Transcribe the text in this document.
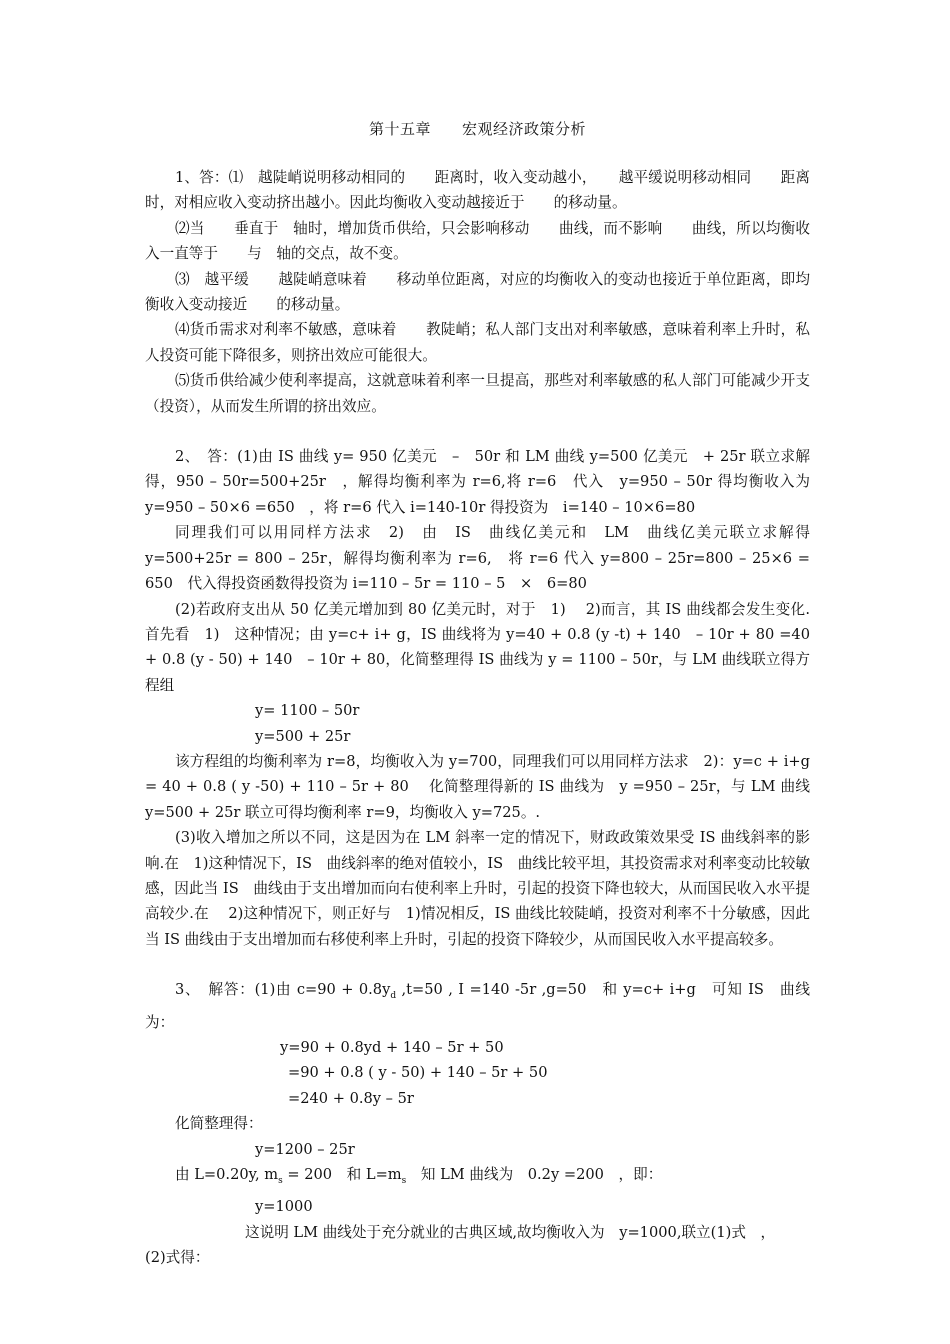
第十五章　　宏观经济政策分析

1、答：⑴　越陡峭说明移动相同的　　距离时，收入变动越小，　　越平缓说明移动相同　　距离时，对相应收入变动挤出越小。因此均衡收入变动越接近于　　的移动量。

⑵当　　垂直于　轴时，增加货币供给，只会影响移动　　曲线，而不影响　　曲线，所以均衡收入一直等于　　与　轴的交点，故不变。

⑶　越平缓　　越陡峭意味着　　移动单位距离，对应的均衡收入的变动也接近于单位距离，即均衡收入变动接近　　的移动量。

⑷货币需求对利率不敏感，意味着　　教陡峭；私人部门支出对利率敏感，意味着利率上升时，私人投资可能下降很多，则挤出效应可能很大。

⑸货币供给减少使利率提高，这就意味着利率一旦提高，那些对利率敏感的私人部门可能减少开支（投资），从而发生所谓的挤出效应。

2、　答：(1)由 IS 曲线 y= 950 亿美元　–　50r 和 LM 曲线 y=500 亿美元　+ 25r 联立求解得，950 – 50r=500+25r　，解得均衡利率为 r=6,将 r=6　代入　y=950 – 50r 得均衡收入为　y=950 – 50×6 =650　，将 r=6 代入 i=140-10r 得投资为　i=140 – 10×6=80

同理我们可以用同样方法求　2)　由　IS　曲线亿美元和　LM　曲线亿美元联立求解得 y=500+25r = 800 – 25r，解得均衡利率为 r=6,　将 r=6 代入 y=800 – 25r=800 – 25×6 = 650　代入得投资函数得投资为 i=110 – 5r = 110 – 5　×　6=80

(2)若政府支出从 50 亿美元增加到 80 亿美元时，对于　1)　 2)而言，其 IS 曲线都会发生变化.首先看　1)　这种情况；由 y=c+ i+ g，IS 曲线将为 y=40 + 0.8 (y -t) + 140　– 10r + 80 =40 + 0.8 (y - 50) + 140　– 10r + 80，化简整理得 IS 曲线为 y = 1100 – 50r，与 LM 曲线联立得方程组

y= 1100 – 50r

y=500 + 25r

该方程组的均衡利率为 r=8，均衡收入为 y=700，同理我们可以用同样方法求　2)：y=c + i+g = 40 + 0.8 ( y -50) + 110 – 5r + 80　 化简整理得新的 IS 曲线为　y =950 – 25r，与 LM 曲线 y=500 + 25r 联立可得均衡利率 r=9，均衡收入 y=725。.

(3)收入增加之所以不同，这是因为在 LM 斜率一定的情况下，财政政策效果受 IS 曲线斜率的影响.在　1)这种情况下，IS　曲线斜率的绝对值较小，IS　曲线比较平坦，其投资需求对利率变动比较敏感，因此当 IS　曲线由于支出增加而向右使利率上升时，引起的投资下降也较大，从而国民收入水平提高较少.在　 2)这种情况下，则正好与　1)情况相反，IS 曲线比较陡峭，投资对利率不十分敏感，因此当 IS 曲线由于支出增加而右移使利率上升时，引起的投资下降较少，从而国民收入水平提高较多。

3、　解答：(1)由 $c=90 + 0.8y_d$ ,t=50 , I =140 -5r ,g=50　和 y=c+ i+g　可知 IS　曲线为：

y=90 + 0.8yd + 140 – 5r + 50

=90 + 0.8 ( y - 50) + 140 – 5r + 50

=240 + 0.8y – 5r

化简整理得：

y=1200 – 25r

由 L=0.20y, $m_s = 200$　和 $L=m_s$　知 LM 曲线为　0.2y =200　，即：

y=1000

这说明 LM 曲线处于充分就业的古典区域,故均衡收入为　y=1000,联立(1)式　，

(2)式得：
